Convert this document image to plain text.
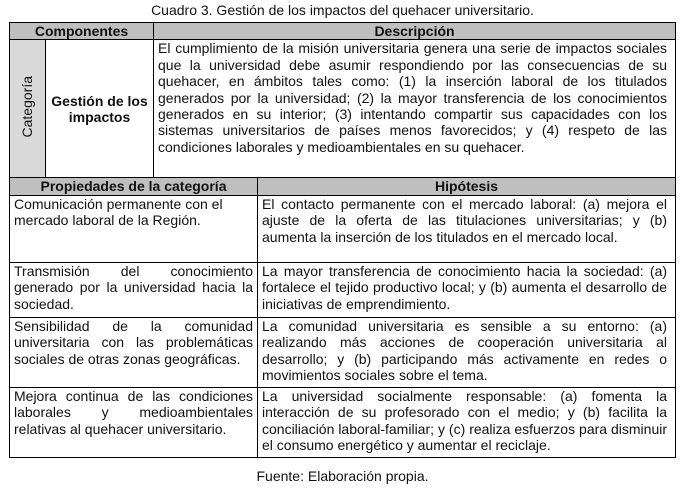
Cuadro 3. Gestión de los impactos del quehacer universitario.
Componentes		Descripción	
Categoría	Gestión de los impactos	El cumplimiento de la misión universitaria genera una serie de impactos sociales que la universidad debe asumir respondiendo por las consecuencias de su quehacer, en ámbitos tales como: (1) la inserción laboral de los titulados generados por la universidad; (2) la mayor transferencia de los conocimientos generados en su interior; (3) intentando compartir sus capacidades con los sistemas universitarios de países menos favorecidos; y (4) respeto de las condiciones laborales y medioambientales en su quehacer.	
Propiedades de la categoría			Hipótesis
Comunicación permanente con el mercado laboral de la Región.			El contacto permanente con el mercado laboral: (a) mejora el ajuste de la oferta de las titulaciones universitarias; y (b) aumenta la inserción de los titulados en el mercado local.
Transmisión del conocimiento generado por la universidad hacia la sociedad.			La mayor transferencia de conocimiento hacia la sociedad: (a) fortalece el tejido productivo local; y (b) aumenta el desarrollo de iniciativas de emprendimiento.
Sensibilidad de la comunidad universitaria con las problemáticas sociales de otras zonas geográficas.			La comunidad universitaria es sensible a su entorno: (a) realizando más acciones de cooperación universitaria al desarrollo; y (b) participando más activamente en redes o movimientos sociales sobre el tema.
Mejora continua de las condiciones laborales y medioambientales relativas al quehacer universitario.			La universidad socialmente responsable: (a) fomenta la interacción de su profesorado con el medio; y (b) facilita la conciliación laboral-familiar; y (c) realiza esfuerzos para disminuir el consumo energético y aumentar el reciclaje.
Fuente: Elaboración propia.
